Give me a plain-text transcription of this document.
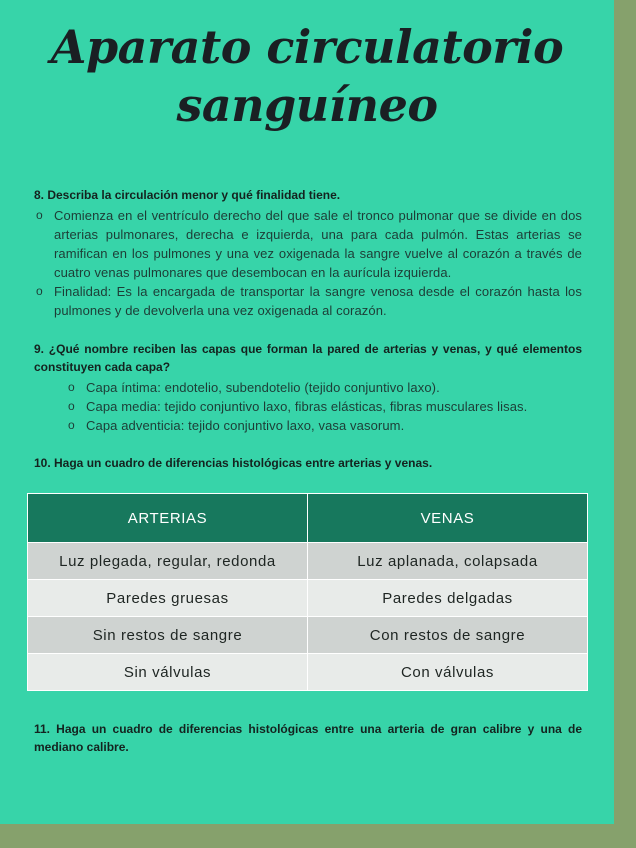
Aparato circulatorio
sanguíneo

8. Describa la circulación menor y qué finalidad tiene.

o Comienza en el ventrículo derecho del que sale el tronco pulmonar que se divide en dos arterias pulmonares, derecha e izquierda, una para cada pulmón. Estas arterias se ramifican en los pulmones y una vez oxigenada la sangre vuelve al corazón a través de cuatro venas pulmonares que desembocan en la aurícula izquierda.
o Finalidad: Es la encargada de transportar la sangre venosa desde el corazón hasta los pulmones y de devolverla una vez oxigenada al corazón.

9. ¿Qué nombre reciben las capas que forman la pared de arterias y venas, y qué elementos constituyen cada capa?

o Capa íntima: endotelio, subendotelio (tejido conjuntivo laxo).
o Capa media: tejido conjuntivo laxo, fibras elásticas, fibras musculares lisas.
o Capa adventicia: tejido conjuntivo laxo, vasa vasorum.

10. Haga un cuadro de diferencias histológicas entre arterias y venas.

ARTERIAS	VENAS
Luz plegada, regular, redonda	Luz aplanada, colapsada
Paredes gruesas	Paredes delgadas
Sin restos de sangre	Con restos de sangre
Sin válvulas	Con válvulas

11. Haga un cuadro de diferencias histológicas entre una arteria de gran calibre y una de mediano calibre.
